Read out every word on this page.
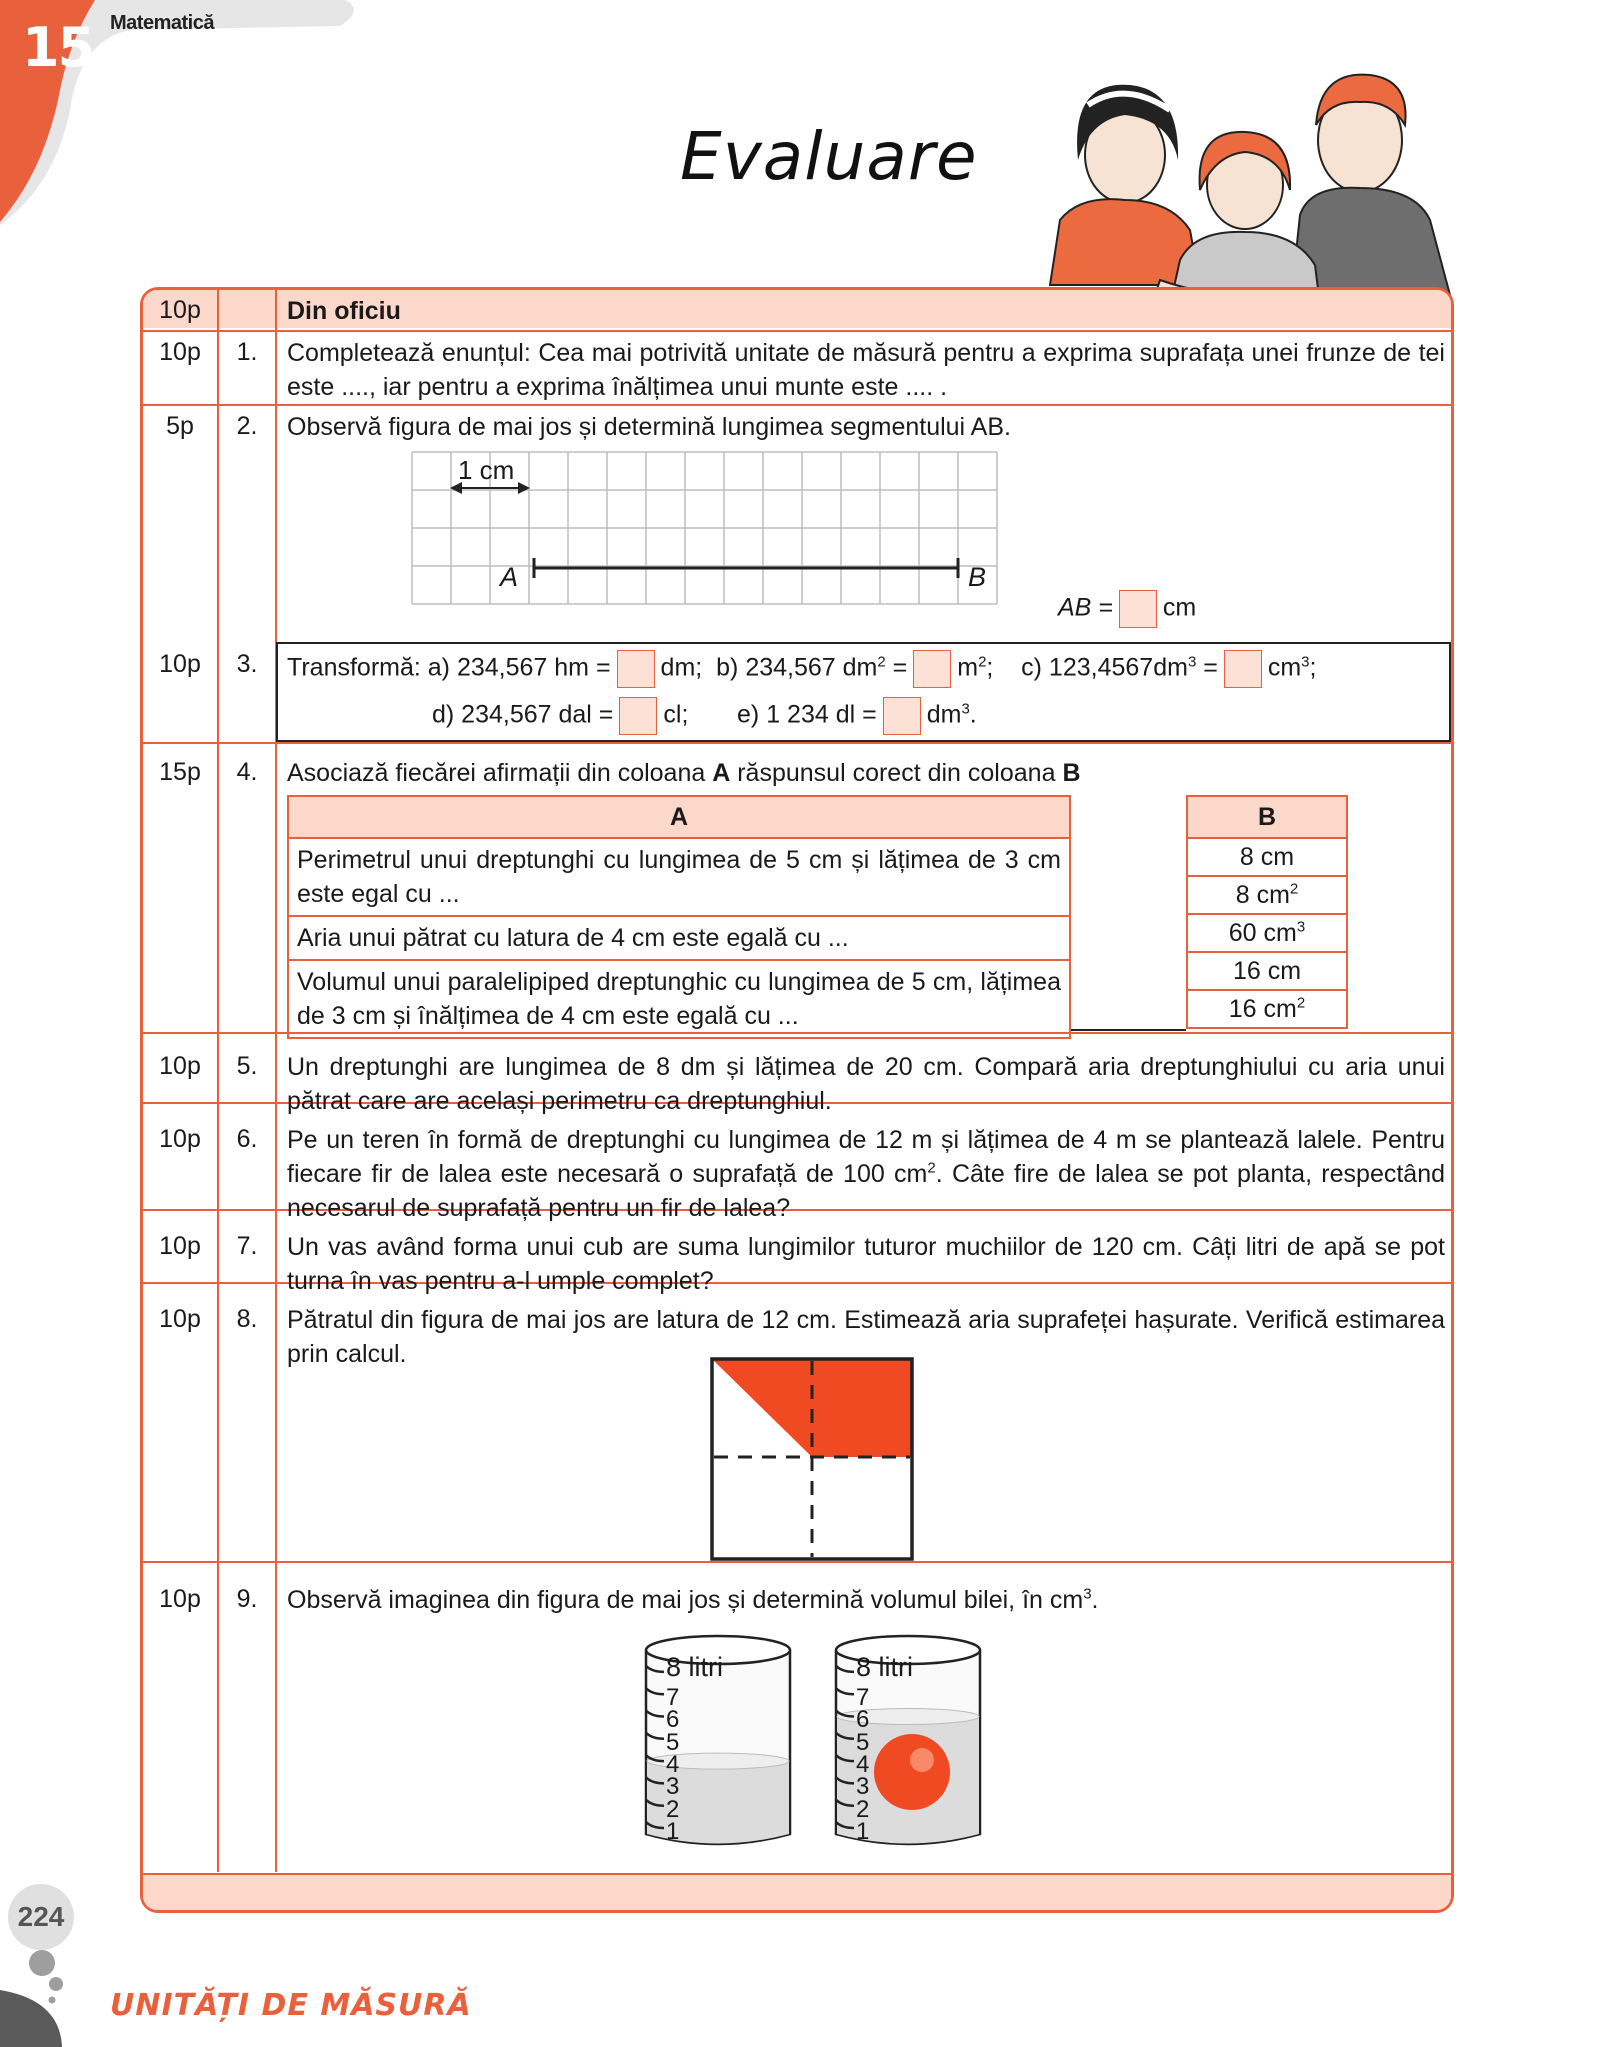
15 Matematică
Evaluare
10p	Din oficiu
10p	1.	Completează enunțul: Cea mai potrivită unitate de măsură pentru a exprima suprafața unei frunze de tei este ...., iar pentru a exprima înălțimea unui munte este .... .
5p	2.	Observă figura de mai jos și determină lungimea segmentului AB.
1 cm
A	B
AB = cm
10p	3.	Transformă: a) 234,567 hm = dm; b) 234,567 $dm^2 = m^2$;    c) $123,4567dm^3 = cm^3$;
d) 234,567 dal = cl; e) 1 234 dl = $dm^3$.
15p	4.	Asociază fiecărei afirmații din coloana A răspunsul corect din coloana B
A
Perimetrul unui dreptunghi cu lungimea de 5 cm și lățimea de 3 cm este egal cu ...
Aria unui pătrat cu latura de 4 cm este egală cu ...
Volumul unui paralelipiped dreptunghic cu lungimea de 5 cm, lățimea de 3 cm și înălțimea de 4 cm este egală cu ...
B
8 cm
8 $cm^2$
60 $cm^3$
16 cm
16 $cm^2$
10p	5.	Un dreptunghi are lungimea de 8 dm și lățimea de 20 cm. Compară aria dreptunghiului cu aria unui pătrat care are același perimetru ca dreptunghiul.
10p	6.	Pe un teren în formă de dreptunghi cu lungimea de 12 m și lățimea de 4 m se plantează lalele. Pentru fiecare fir de lalea este necesară o suprafață de 100 $cm^2$. Câte fire de lalea se pot planta, respectând necesarul de suprafață pentru un fir de lalea?
10p	7.	Un vas având forma unui cub are suma lungimilor tuturor muchiilor de 120 cm. Câți litri de apă se pot turna în vas pentru a-l umple complet?
10p	8.	Pătratul din figura de mai jos are latura de 12 cm. Estimează aria suprafeței hașurate. Verifică estimarea prin calcul.
10p	9.	Observă imaginea din figura de mai jos și determină volumul bilei, în $cm^3$.
8 litri	8 litri
7
6
5
4
3
2
1
7
6
5
4
3
2
1
224
UNITĂȚI DE MĂSURĂ
